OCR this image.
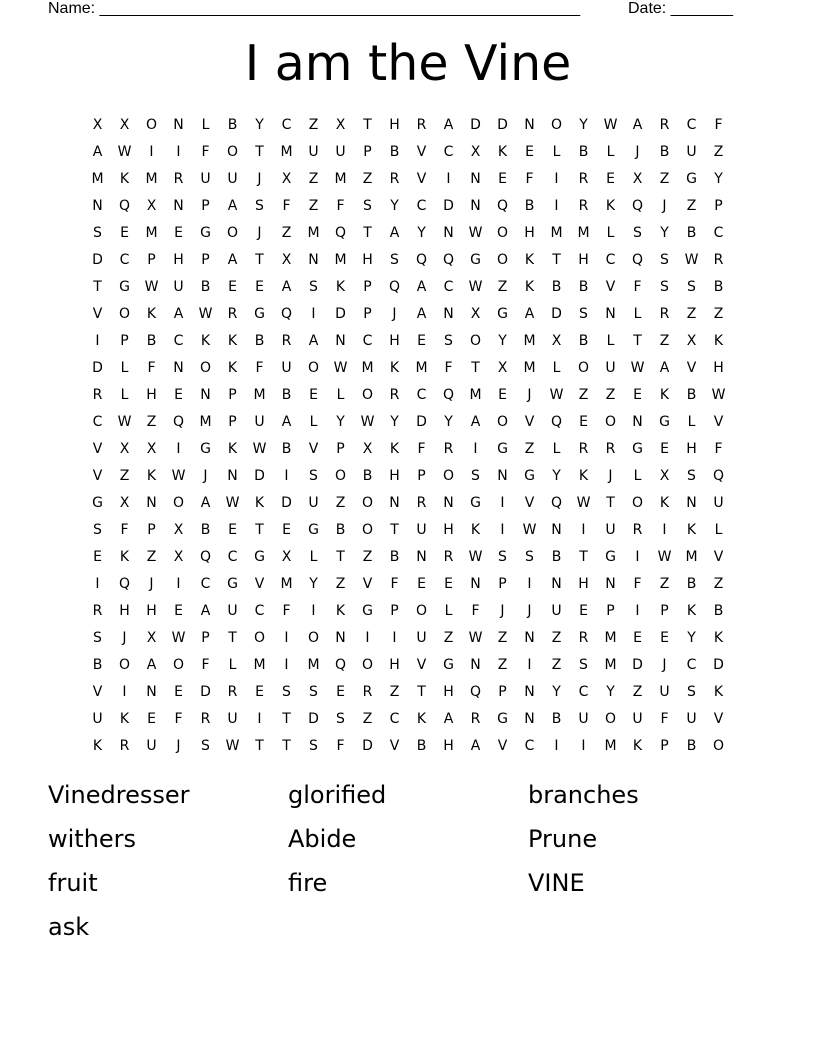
Name: ______________________________________________________	Date: _______
I am the Vine
X	X	O	N	L	B	Y	C	Z	X	T	H	R	A	D	D	N	O	Y	W	A	R	C	F
A	W	I	I	F	O	T	M	U	U	P	B	V	C	X	K	E	L	B	L	J	B	U	Z
M	K	M	R	U	U	J	X	Z	M	Z	R	V	I	N	E	F	I	R	E	X	Z	G	Y
N	Q	X	N	P	A	S	F	Z	F	S	Y	C	D	N	Q	B	I	R	K	Q	J	Z	P
S	E	M	E	G	O	J	Z	M	Q	T	A	Y	N	W	O	H	M	M	L	S	Y	B	C
D	C	P	H	P	A	T	X	N	M	H	S	Q	Q	G	O	K	T	H	C	Q	S	W	R
T	G	W	U	B	E	E	A	S	K	P	Q	A	C	W	Z	K	B	B	V	F	S	S	B
V	O	K	A	W	R	G	Q	I	D	P	J	A	N	X	G	A	D	S	N	L	R	Z	Z
I	P	B	C	K	K	B	R	A	N	C	H	E	S	O	Y	M	X	B	L	T	Z	X	K
D	L	F	N	O	K	F	U	O	W	M	K	M	F	T	X	M	L	O	U	W	A	V	H
R	L	H	E	N	P	M	B	E	L	O	R	C	Q	M	E	J	W	Z	Z	E	K	B	W
C	W	Z	Q	M	P	U	A	L	Y	W	Y	D	Y	A	O	V	Q	E	O	N	G	L	V
V	X	X	I	G	K	W	B	V	P	X	K	F	R	I	G	Z	L	R	R	G	E	H	F
V	Z	K	W	J	N	D	I	S	O	B	H	P	O	S	N	G	Y	K	J	L	X	S	Q
G	X	N	O	A	W	K	D	U	Z	O	N	R	N	G	I	V	Q	W	T	O	K	N	U
S	F	P	X	B	E	T	E	G	B	O	T	U	H	K	I	W	N	I	U	R	I	K	L
E	K	Z	X	Q	C	G	X	L	T	Z	B	N	R	W	S	S	B	T	G	I	W	M	V
I	Q	J	I	C	G	V	M	Y	Z	V	F	E	E	N	P	I	N	H	N	F	Z	B	Z
R	H	H	E	A	U	C	F	I	K	G	P	O	L	F	J	J	U	E	P	I	P	K	B
S	J	X	W	P	T	O	I	O	N	I	I	U	Z	W	Z	N	Z	R	M	E	E	Y	K
B	O	A	O	F	L	M	I	M	Q	O	H	V	G	N	Z	I	Z	S	M	D	J	C	D
V	I	N	E	D	R	E	S	S	E	R	Z	T	H	Q	P	N	Y	C	Y	Z	U	S	K
U	K	E	F	R	U	I	T	D	S	Z	C	K	A	R	G	N	B	U	O	U	F	U	V
K	R	U	J	S	W	T	T	S	F	D	V	B	H	A	V	C	I	I	M	K	P	B	O
Vinedresser	glorified	branches
withers	Abide	Prune
fruit	fire	VINE
ask
